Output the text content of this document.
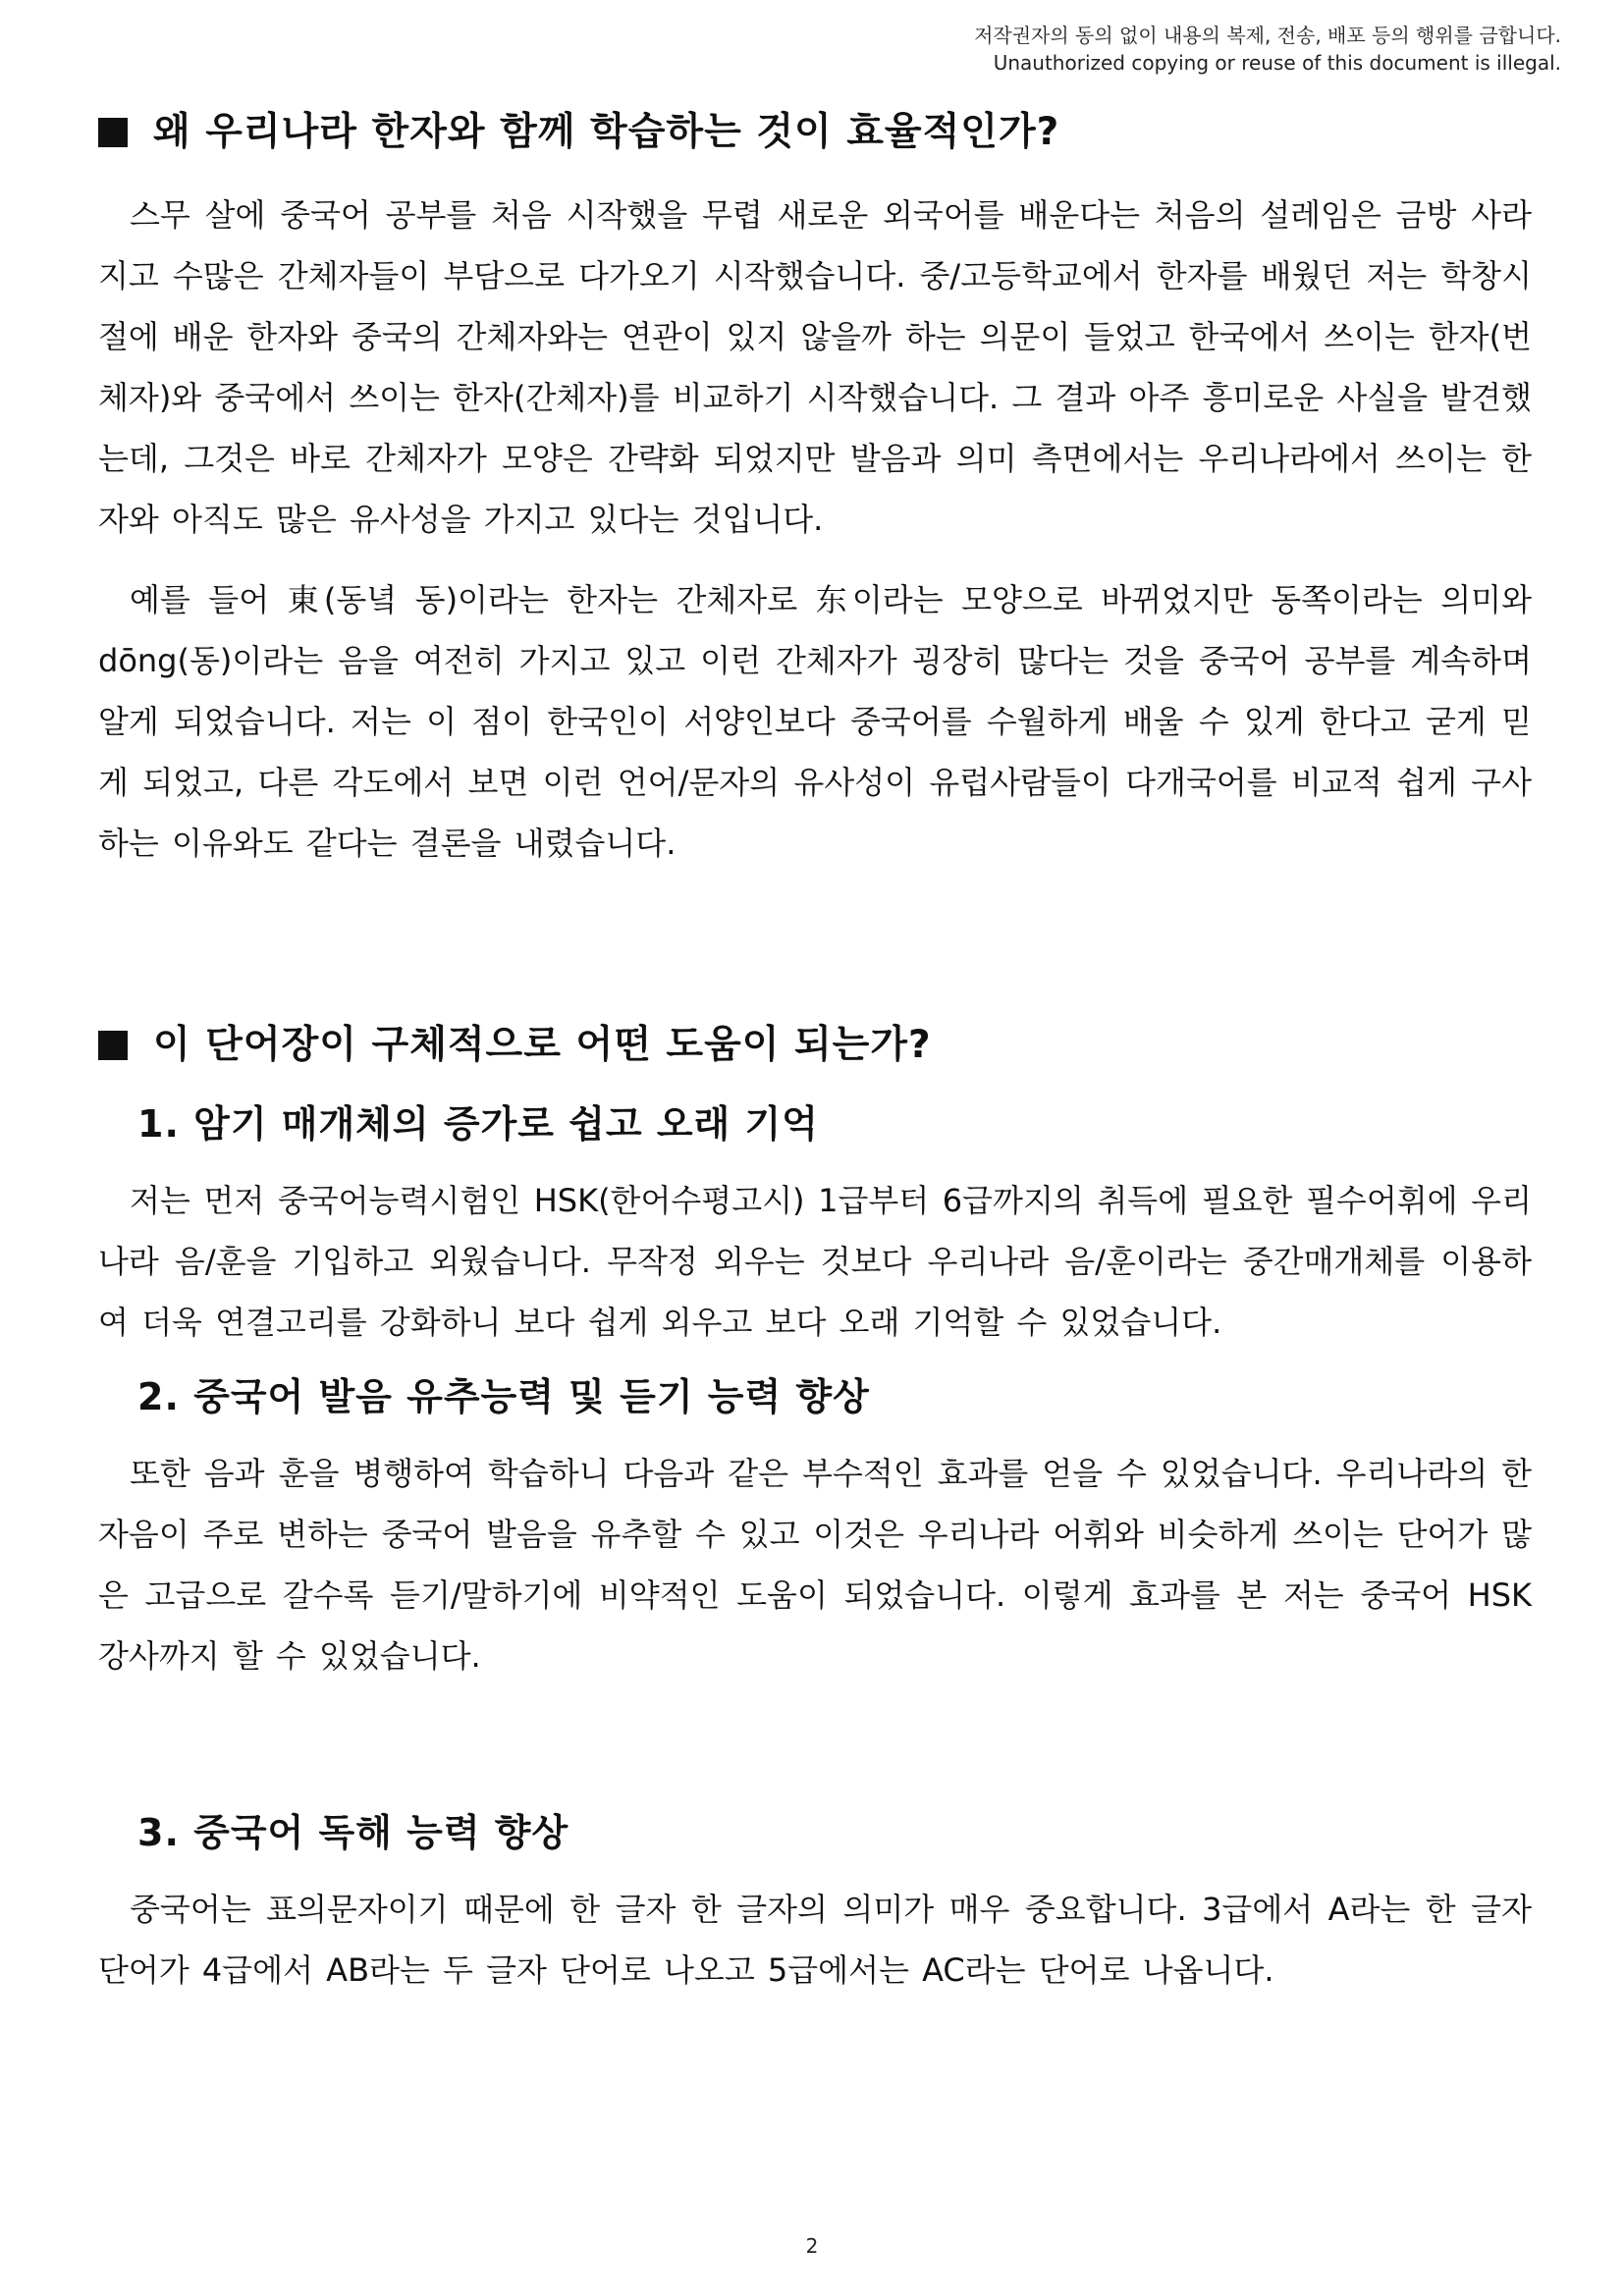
저작권자의 동의 없이 내용의 복제, 전송, 배포 등의 행위를 금합니다.
Unauthorized copying or reuse of this document is illegal.
왜 우리나라 한자와 함께 학습하는 것이 효율적인가?

스무 살에 중국어 공부를 처음 시작했을 무렵 새로운 외국어를 배운다는 처음의 설레임은 금방 사라지고 수많은 간체자들이 부담으로 다가오기 시작했습니다. 중/고등학교에서 한자를 배웠던 저는 학창시절에 배운 한자와 중국의 간체자와는 연관이 있지 않을까 하는 의문이 들었고 한국에서 쓰이는 한자(번체자)와 중국에서 쓰이는 한자(간체자)를 비교하기 시작했습니다. 그 결과 아주 흥미로운 사실을 발견했는데, 그것은 바로 간체자가 모양은 간략화 되었지만 발음과 의미 측면에서는 우리나라에서 쓰이는 한자와 아직도 많은 유사성을 가지고 있다는 것입니다.

예를 들어 東(동녘 동)이라는 한자는 간체자로 东이라는 모양으로 바뀌었지만 동쪽이라는 의미와 dōng(동)이라는 음을 여전히 가지고 있고 이런 간체자가 굉장히 많다는 것을 중국어 공부를 계속하며 알게 되었습니다. 저는 이 점이 한국인이 서양인보다 중국어를 수월하게 배울 수 있게 한다고 굳게 믿게 되었고, 다른 각도에서 보면 이런 언어/문자의 유사성이 유럽사람들이 다개국어를 비교적 쉽게 구사하는 이유와도 같다는 결론을 내렸습니다.

이 단어장이 구체적으로 어떤 도움이 되는가?
1. 암기 매개체의 증가로 쉽고 오래 기억

저는 먼저 중국어능력시험인 HSK(한어수평고시) 1급부터 6급까지의 취득에 필요한 필수어휘에 우리나라 음/훈을 기입하고 외웠습니다. 무작정 외우는 것보다 우리나라 음/훈이라는 중간매개체를 이용하여 더욱 연결고리를 강화하니 보다 쉽게 외우고 보다 오래 기억할 수 있었습니다.

2. 중국어 발음 유추능력 및 듣기 능력 향상

또한 음과 훈을 병행하여 학습하니 다음과 같은 부수적인 효과를 얻을 수 있었습니다. 우리나라의 한자음이 주로 변하는 중국어 발음을 유추할 수 있고 이것은 우리나라 어휘와 비슷하게 쓰이는 단어가 많은 고급으로 갈수록 듣기/말하기에 비약적인 도움이 되었습니다. 이렇게 효과를 본 저는 중국어 HSK 강사까지 할 수 있었습니다.

3. 중국어 독해 능력 향상

중국어는 표의문자이기 때문에 한 글자 한 글자의 의미가 매우 중요합니다. 3급에서 A라는 한 글자 단어가 4급에서 AB라는 두 글자 단어로 나오고 5급에서는 AC라는 단어로 나옵니다.

2
